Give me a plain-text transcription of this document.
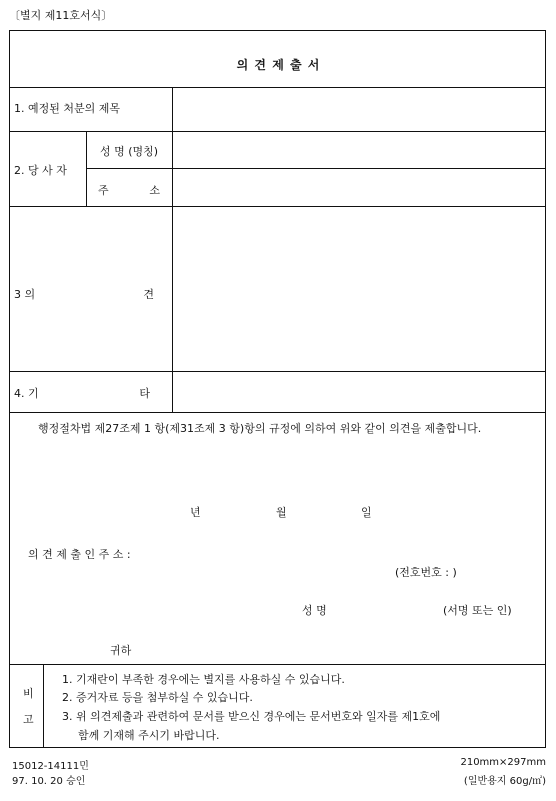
〔별지 제11호서식〕
의 견 제 출 서
1. 예정된 처분의 제목
2. 당 사 자
성 명 (명칭)
주	소
3 의	견
4. 기	타
행정절차법 제27조제 1 항(제31조제 3 항)항의 규정에 의하여 위와 같이 의견을 제출합니다.
년	월	일
의 견 제 출 인 주 소 :
(전호번호 : )
성 명	(서명 또는 인)
귀하
비
고
1. 기재란이 부족한 경우에는 별지를 사용하실 수 있습니다.
2. 증거자료 등을 첨부하실 수 있습니다.
3. 위 의견제출과 관련하여 문서를 받으신 경우에는 문서번호와 일자를 제1호에
함께 기재해 주시기 바랍니다.
15012-14111민
97. 10. 20 승인
210mm×297mm
(일반용지 60g/㎡)
